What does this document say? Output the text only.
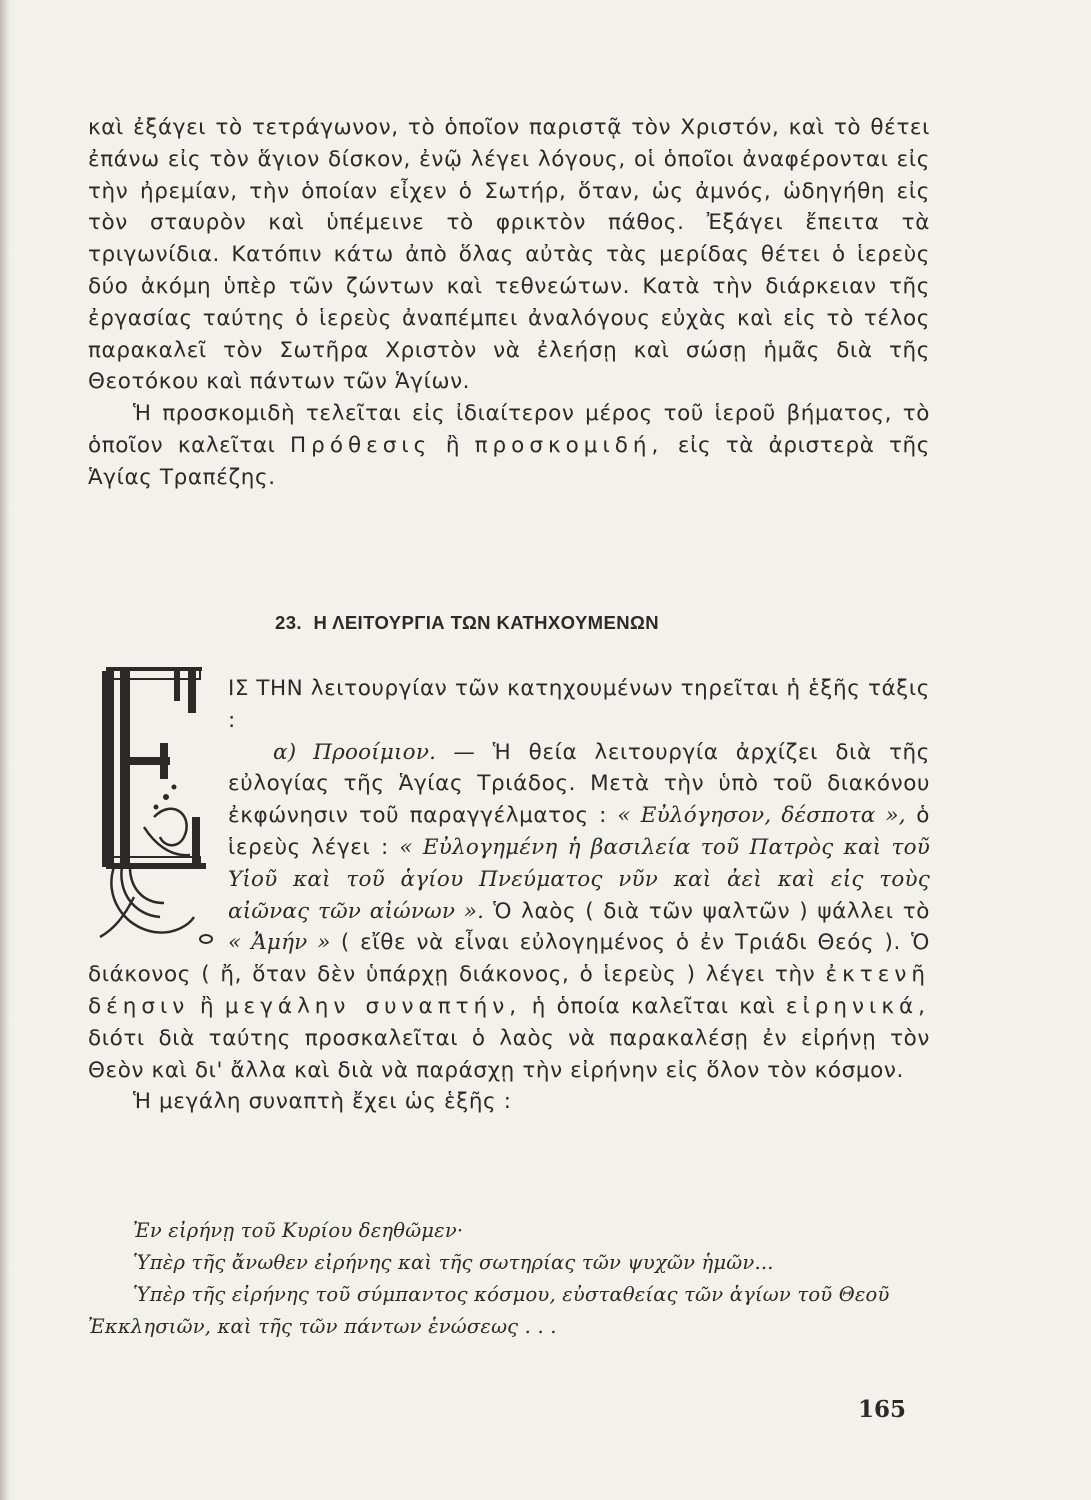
καὶ ἐξάγει τὸ τετράγωνον, τὸ ὁποῖον παριστᾷ τὸν Χριστόν, καὶ τὸ θέτει ἐπάνω εἰς τὸν ἅγιον δίσκον, ἐνῷ λέγει λόγους, οἱ ὁποῖοι ἀναφέρονται εἰς τὴν ἠρεμίαν, τὴν ὁποίαν εἶχεν ὁ Σωτήρ, ὅταν, ὡς ἀμνός, ὡδηγήθη εἰς τὸν σταυρὸν καὶ ὑπέμεινε τὸ φρικτὸν πάθος. Ἐξάγει ἔπειτα τὰ τριγωνίδια. Κατόπιν κάτω ἀπὸ ὅλας αὐτὰς τὰς μερίδας θέτει ὁ ἱερεὺς δύο ἀκόμη ὑπὲρ τῶν ζώντων καὶ τεθνεώτων. Κατὰ τὴν διάρκειαν τῆς ἐργασίας ταύτης ὁ ἱερεὺς ἀναπέμπει ἀναλόγους εὐχὰς καὶ εἰς τὸ τέλος παρακαλεῖ τὸν Σωτῆρα Χριστὸν νὰ ἐλεήσῃ καὶ σώσῃ ἡμᾶς διὰ τῆς Θεοτόκου καὶ πάντων τῶν Ἁγίων.

Ἡ προσκομιδὴ τελεῖται εἰς ἰδιαίτερον μέρος τοῦ ἱεροῦ βήματος, τὸ ὁποῖον καλεῖται Πρόθεσις ἢ προσκομιδή, εἰς τὰ ἀριστερὰ τῆς Ἁγίας Τραπέζης.

23. Η ΛΕΙΤΟΥΡΓΙΑ ΤΩΝ ΚΑΤΗΧΟΥΜΕΝΩΝ
Ε

ΙΣ ΤΗΝ λειτουργίαν τῶν κατηχουμένων τηρεῖται ἡ ἑξῆς τάξις :

α) Προοίμιον. — Ἡ θεία λειτουργία ἀρχίζει διὰ τῆς εὐλογίας τῆς Ἁγίας Τριάδος. Μετὰ τὴν ὑπὸ τοῦ διακόνου ἐκφώνησιν τοῦ παραγγέλματος : « Εὐλόγησον, δέσποτα », ὁ ἱερεὺς λέγει : « Εὐλογημένη ἡ βασιλεία τοῦ Πατρὸς καὶ τοῦ Υἱοῦ καὶ τοῦ ἁγίου Πνεύματος νῦν καὶ ἀεὶ καὶ εἰς τοὺς αἰῶνας τῶν αἰώνων ». Ὁ λαὸς ( διὰ τῶν ψαλτῶν ) ψάλλει τὸ « Ἀμήν » ( εἴθε νὰ εἶναι εὐλογημένος ὁ ἐν Τριάδι Θεός ). Ὁ διάκονος ( ἤ, ὅταν δὲν ὑπάρχῃ διάκονος, ὁ ἱερεὺς ) λέγει τὴν ἐκτενῆ δέησιν ἢ μεγάλην συναπτήν, ἡ ὁποία καλεῖται καὶ εἰρηνικά, διότι διὰ ταύτης προσκαλεῖται ὁ λαὸς νὰ παρακαλέσῃ ἐν εἰρήνῃ τὸν Θεὸν καὶ δι' ἄλλα καὶ διὰ νὰ παράσχῃ τὴν εἰρήνην εἰς ὅλον τὸν κόσμον.

Ἡ μεγάλη συναπτὴ ἔχει ὡς ἑξῆς :

Ἐν εἰρήνῃ τοῦ Κυρίου δεηθῶμεν·

Ὑπὲρ τῆς ἄνωθεν εἰρήνης καὶ τῆς σωτηρίας τῶν ψυχῶν ἡμῶν...

Ὑπὲρ τῆς εἰρήνης τοῦ σύμπαντος κόσμου, εὐσταθείας τῶν ἁγίων τοῦ Θεοῦ Ἐκκλησιῶν, καὶ τῆς τῶν πάντων ἑνώσεως . . .

165
